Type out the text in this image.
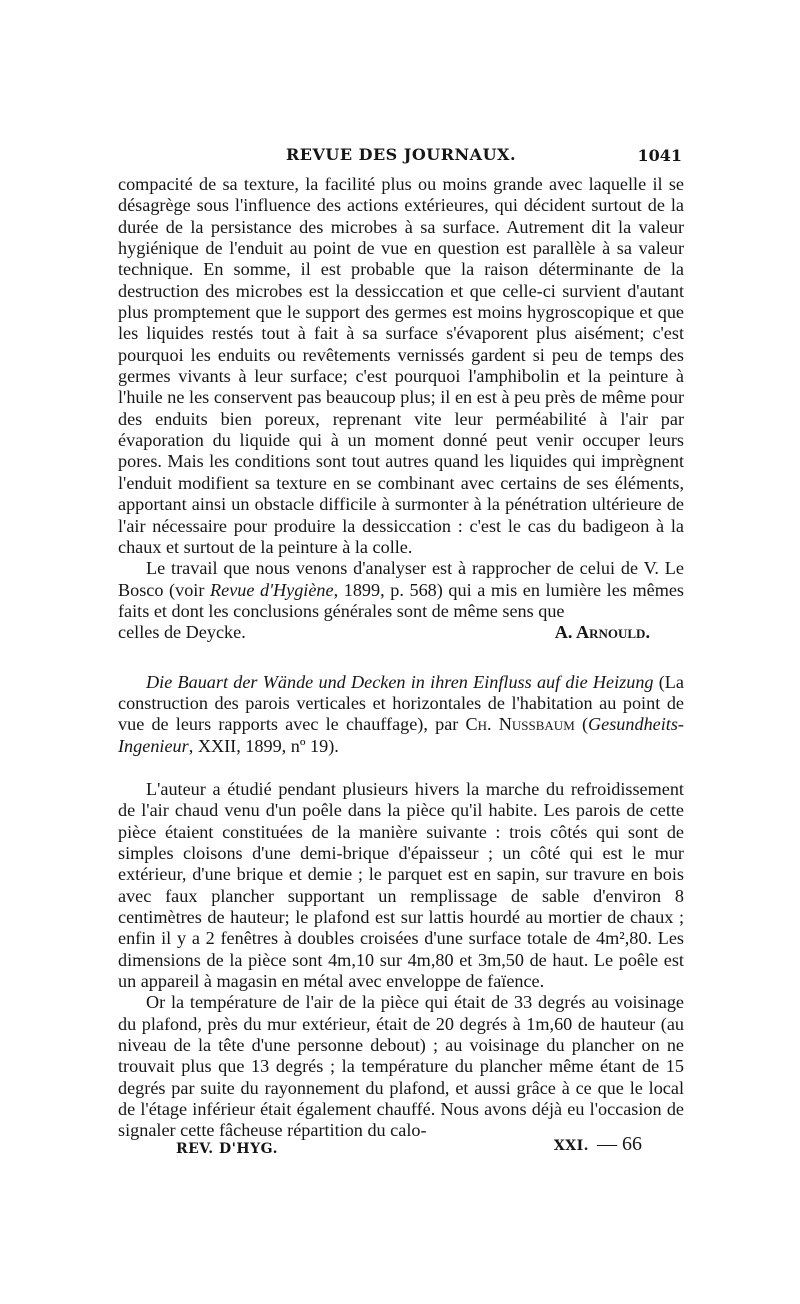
REVUE DES JOURNAUX.	1041

compacité de sa texture, la facilité plus ou moins grande avec laquelle il se désagrège sous l'influence des actions extérieures, qui décident surtout de la durée de la persistance des microbes à sa surface. Autrement dit la valeur hygiénique de l'enduit au point de vue en question est parallèle à sa valeur technique. En somme, il est probable que la raison déterminante de la destruction des microbes est la dessiccation et que celle-ci survient d'autant plus promptement que le support des germes est moins hygroscopique et que les liquides restés tout à fait à sa surface s'évaporent plus aisément; c'est pourquoi les enduits ou revêtements vernissés gardent si peu de temps des germes vivants à leur surface; c'est pourquoi l'amphibolin et la peinture à l'huile ne les conservent pas beaucoup plus; il en est à peu près de même pour des enduits bien poreux, reprenant vite leur perméabilité à l'air par évaporation du liquide qui à un moment donné peut venir occuper leurs pores. Mais les conditions sont tout autres quand les liquides qui imprègnent l'enduit modifient sa texture en se combinant avec certains de ses éléments, apportant ainsi un obstacle difficile à surmonter à la pénétration ultérieure de l'air nécessaire pour produire la dessiccation : c'est le cas du badigeon à la chaux et surtout de la peinture à la colle.

Le travail que nous venons d'analyser est à rapprocher de celui de V. Le Bosco (voir Revue d'Hygiène, 1899, p. 568) qui a mis en lumière les mêmes faits et dont les conclusions générales sont de même sens que

celles de Deycke.	A. Arnould.

Die Bauart der Wände und Decken in ihren Einfluss auf die Heizung (La construction des parois verticales et horizontales de l'habitation au point de vue de leurs rapports avec le chauffage), par Ch. Nussbaum (Gesundheits-Ingenieur, XXII, 1899, nº 19).

L'auteur a étudié pendant plusieurs hivers la marche du refroidissement de l'air chaud venu d'un poêle dans la pièce qu'il habite. Les parois de cette pièce étaient constituées de la manière suivante : trois côtés qui sont de simples cloisons d'une demi-brique d'épaisseur ; un côté qui est le mur extérieur, d'une brique et demie ; le parquet est en sapin, sur travure en bois avec faux plancher supportant un remplissage de sable d'environ 8 centimètres de hauteur; le plafond est sur lattis hourdé au mortier de chaux ; enfin il y a 2 fenêtres à doubles croisées d'une surface totale de 4m²,80. Les dimensions de la pièce sont 4m,10 sur 4m,80 et 3m,50 de haut. Le poêle est un appareil à magasin en métal avec enveloppe de faïence.

Or la température de l'air de la pièce qui était de 33 degrés au voisinage du plafond, près du mur extérieur, était de 20 degrés à 1m,60 de hauteur (au niveau de la tête d'une personne debout) ; au voisinage du plancher on ne trouvait plus que 13 degrés ; la température du plancher même étant de 15 degrés par suite du rayonnement du plafond, et aussi grâce à ce que le local de l'étage inférieur était également chauffé. Nous avons déjà eu l'occasion de signaler cette fâcheuse répartition du calo-

REV. D'HYG.	XXI. — 66
